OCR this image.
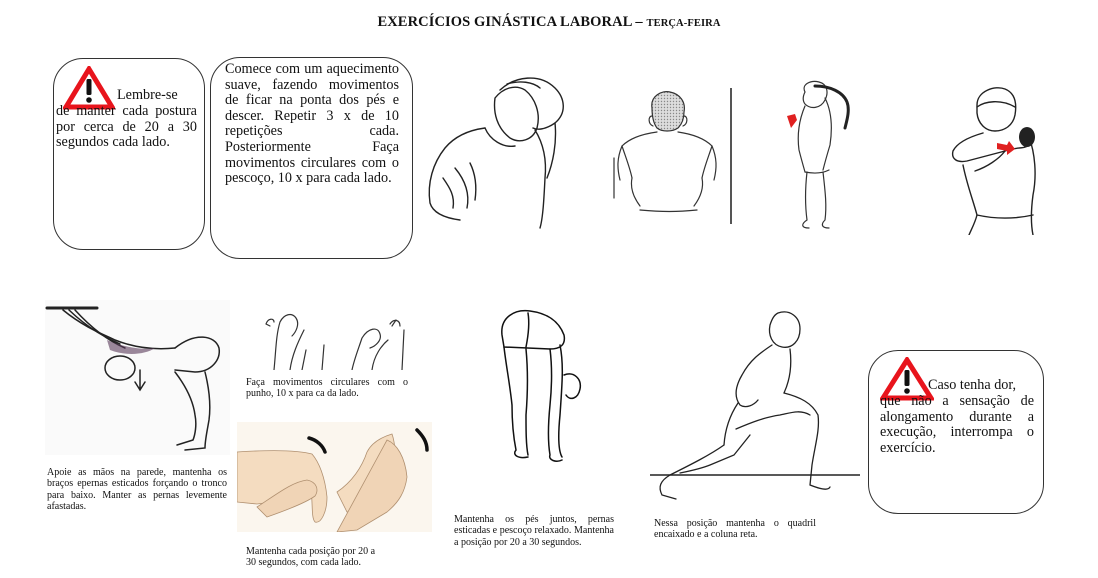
EXERCÍCIOS GINÁSTICA LABORAL – TERÇA-FEIRA
Lembre-se
de manter cada postura por cerca de 20 a 30 segundos cada lado.
Comece com um aquecimento suave, fazendo movimentos de ficar na ponta dos pés e descer. Repetir 3 x de 10 repetições cada. Posteriormente Faça movimentos circulares com o pescoço, 10 x para cada lado.
Apoie as mãos na parede, mantenha os braços epernas esticados forçando o tronco para baixo. Manter as pernas levemente afastadas.
Faça movimentos circulares com o punho, 10 x para ca da lado.
Mantenha cada posição por 20 a 30 segundos, com cada lado.
Mantenha os pés juntos, pernas esticadas e pescoço relaxado. Mantenha a posição por 20 a 30 segundos.
Nessa posição mantenha o quadril encaixado e a coluna reta.
Caso tenha dor,
que não a sensação de alongamento durante a execução, interrompa o exercício.
